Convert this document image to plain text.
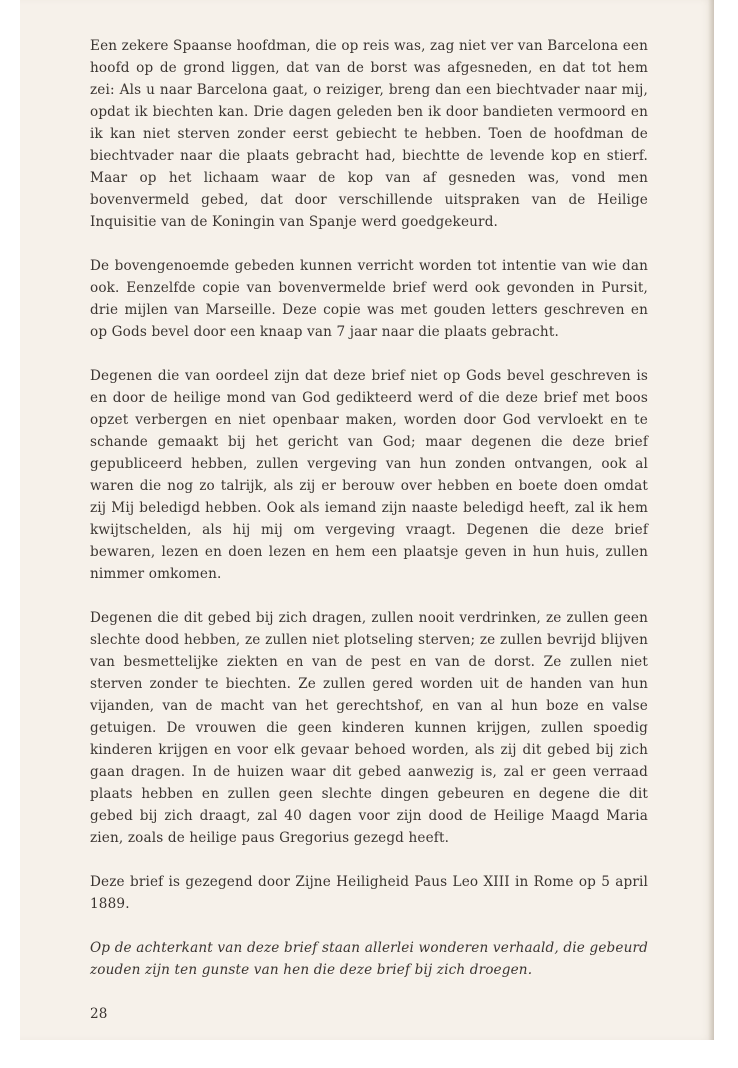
Een zekere Spaanse hoofdman, die op reis was, zag niet ver van Barcelona een hoofd op de grond liggen, dat van de borst was afgesneden, en dat tot hem zei: Als u naar Barcelona gaat, o reiziger, breng dan een biechtvader naar mij, opdat ik biechten kan. Drie dagen geleden ben ik door bandieten vermoord en ik kan niet sterven zonder eerst gebiecht te hebben. Toen de hoofdman de biechtvader naar die plaats gebracht had, biechtte de levende kop en stierf. Maar op het lichaam waar de kop van af gesneden was, vond men bovenvermeld gebed, dat door verschillende uitspraken van de Heilige Inquisitie van de Koningin van Spanje werd goedgekeurd.

De bovengenoemde gebeden kunnen verricht worden tot intentie van wie dan ook. Eenzelfde copie van bovenvermelde brief werd ook gevonden in Pursit, drie mijlen van Marseille. Deze copie was met gouden letters geschreven en op Gods bevel door een knaap van 7 jaar naar die plaats gebracht.

Degenen die van oordeel zijn dat deze brief niet op Gods bevel geschreven is en door de heilige mond van God gedikteerd werd of die deze brief met boos opzet verbergen en niet openbaar maken, worden door God vervloekt en te schande gemaakt bij het gericht van God; maar degenen die deze brief gepubliceerd hebben, zullen vergeving van hun zonden ontvangen, ook al waren die nog zo talrijk, als zij er berouw over hebben en boete doen omdat zij Mij beledigd hebben. Ook als iemand zijn naaste beledigd heeft, zal ik hem kwijtschelden, als hij mij om vergeving vraagt. Degenen die deze brief bewaren, lezen en doen lezen en hem een plaatsje geven in hun huis, zullen nimmer omkomen.

Degenen die dit gebed bij zich dragen, zullen nooit verdrinken, ze zullen geen slechte dood hebben, ze zullen niet plotseling sterven; ze zullen bevrijd blijven van besmettelijke ziekten en van de pest en van de dorst. Ze zullen niet sterven zonder te biechten. Ze zullen gered worden uit de handen van hun vijanden, van de macht van het gerechtshof, en van al hun boze en valse getuigen. De vrouwen die geen kinderen kunnen krijgen, zullen spoedig kinderen krijgen en voor elk gevaar behoed worden, als zij dit gebed bij zich gaan dragen. In de huizen waar dit gebed aanwezig is, zal er geen verraad plaats hebben en zullen geen slechte dingen gebeuren en degene die dit gebed bij zich draagt, zal 40 dagen voor zijn dood de Heilige Maagd Maria zien, zoals de heilige paus Gregorius gezegd heeft.

Deze brief is gezegend door Zijne Heiligheid Paus Leo XIII in Rome op 5 april 1889.

Op de achterkant van deze brief staan allerlei wonderen verhaald, die gebeurd zouden zijn ten gunste van hen die deze brief bij zich droegen.

28
